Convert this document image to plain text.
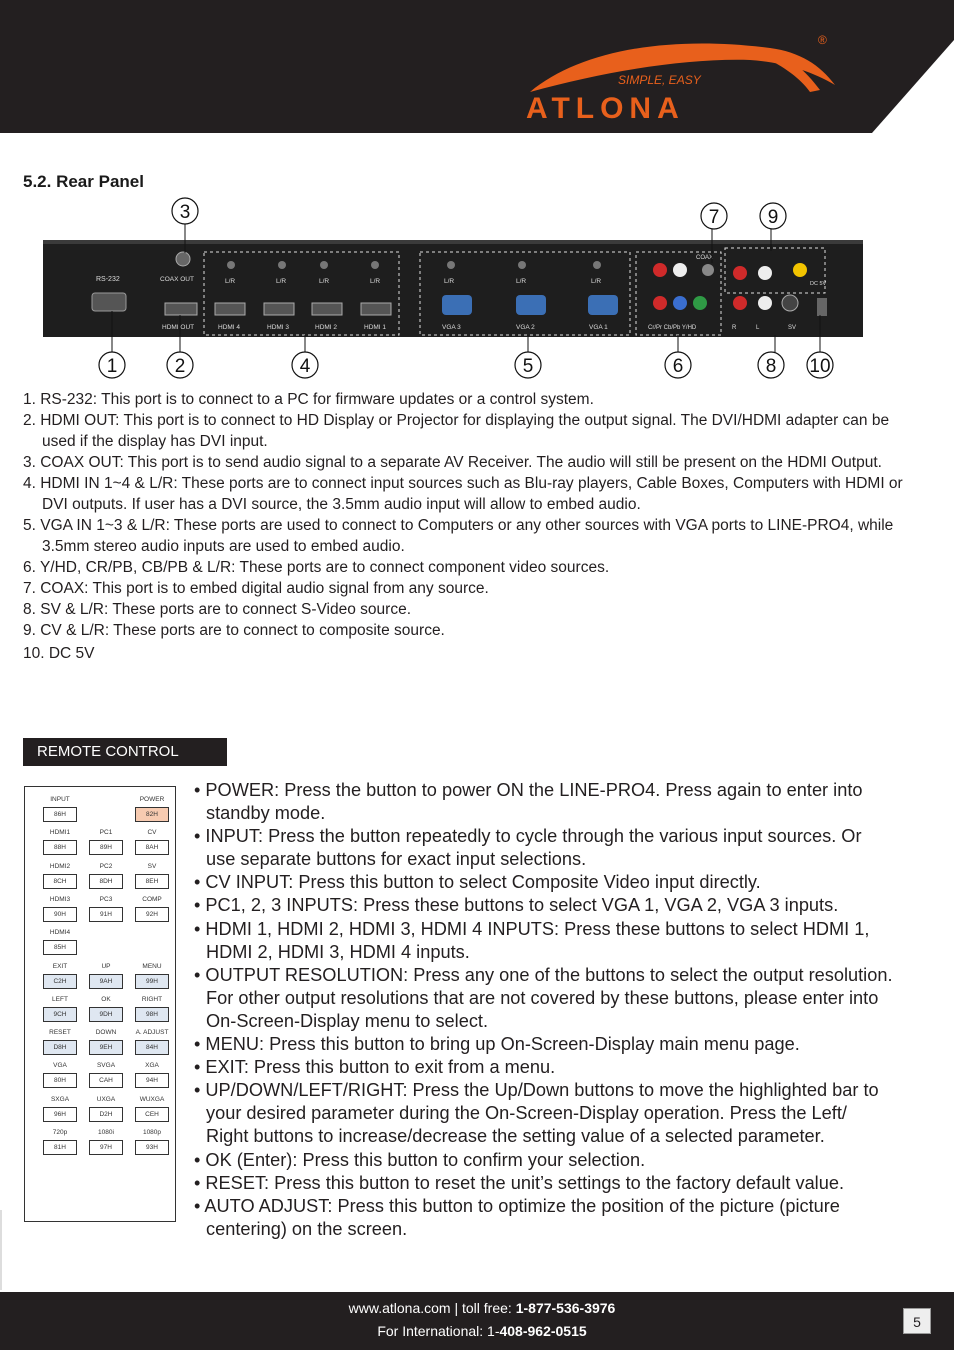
SIMPLE, EASY
ATLONA
®
5.2. Rear Panel
RS-232	COAX OUT
HDMI OUT
L/R	L/R	L/R	L/R
HDMI 4	HDMI 3	HDMI 2	HDMI 1
L/R	L/R	L/R
VGA 3	VGA 2	VGA 1	Cr/Pr Cb/Pb Y/HD
COAX
R	L	SV
DC 5V
3	7	9
1	2	4	5	6	8 10
1. RS-232: This port is to connect to a PC for firmware updates or a control system.
2. HDMI OUT: This port is to connect to HD Display or Projector for displaying the output signal. The DVI/HDMI adapter can be used if the display has DVI input.
3. COAX OUT: This port is to send audio signal to a separate AV Receiver. The audio will still be present on the HDMI Output.
4. HDMI IN 1~4 & L/R: These ports are to connect input sources such as Blu-ray players, Cable Boxes, Computers with HDMI or DVI outputs. If user has a DVI source, the 3.5mm audio input will allow to embed audio.
5. VGA IN 1~3 & L/R: These ports are used to connect to Computers or any other sources with VGA ports to LINE-PRO4, while 3.5mm stereo audio inputs are used to embed audio.
6. Y/HD, CR/PB, CB/PB & L/R: These ports are to connect component video sources.
7. COAX: This port is to embed digital audio signal from any source.
8. SV & L/R: These ports are to connect S-Video source.
9. CV & L/R: These ports are to connect to composite source.
10. DC 5V
REMOTE CONTROL
INPUT
86H
POWER
82H
HDMI1
88H
PC1
89H
CV
8AH
HDMI2
8CH
PC2
8DH
SV
8EH
HDMI3
90H
PC3
91H
COMP
92H
HDMI4
85H
EXIT
C2H
UP
9AH
MENU
99H
LEFT
9CH
OK
9DH
RIGHT
98H
RESET
D8H
DOWN
9EH
A. ADJUST
84H
VGA
80H
SVGA
CAH
XGA
94H
SXGA
96H
UXGA
D2H
WUXGA
CEH
720p
81H
1080i
97H
1080p
93H
• POWER: Press the button to power ON the LINE-PRO4. Press again to enter into standby mode.
• INPUT: Press the button repeatedly to cycle through the various input sources. Or use separate buttons for exact input selections.
• CV INPUT: Press this button to select Composite Video input directly.
• PC1, 2, 3 INPUTS: Press these buttons to select VGA 1, VGA 2, VGA 3 inputs.
• HDMI 1, HDMI 2, HDMI 3, HDMI 4 INPUTS: Press these buttons to select HDMI 1, HDMI 2, HDMI 3, HDMI 4 inputs.
• OUTPUT RESOLUTION: Press any one of the buttons to select the output resolution. For other output resolutions that are not covered by these buttons, please enter into On-Screen-Display menu to select.
• MENU: Press this button to bring up On-Screen-Display main menu page.
• EXIT: Press this button to exit from a menu.
• UP/DOWN/LEFT/RIGHT: Press the Up/Down buttons to move the highlighted bar to your desired parameter during the On-Screen-Display operation. Press the Left/ Right buttons to increase/decrease the setting value of a selected parameter.
• OK (Enter): Press this button to confirm your selection.
• RESET: Press this button to reset the unit’s settings to the factory default value.
• AUTO ADJUST: Press this button to optimize the position of the picture (picture centering) on the screen.
www.atlona.com | toll free: 1-877-536-3976
For International: 1-408-962-0515
5
